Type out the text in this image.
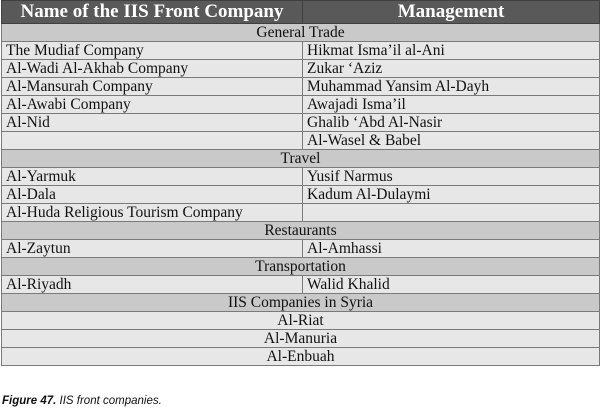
Name of the IIS Front Company	Management
General Trade	
The Mudiaf Company	Hikmat Isma’il al-Ani
Al-Wadi Al-Akhab Company	Zukar ‘Aziz
Al-Mansurah Company	Muhammad Yansim Al-Dayh
Al-Awabi Company	Awajadi Isma’il
Al-Nid	Ghalib ‘Abd Al-Nasir
	Al-Wasel & Babel
Travel	
Al-Yarmuk	Yusif Narmus
Al-Dala	Kadum Al-Dulaymi
Al-Huda Religious Tourism Company	
Restaurants	
Al-Zaytun	Al-Amhassi
Transportation	
Al-Riyadh	Walid Khalid
IIS Companies in Syria	
Al-Riat	
Al-Manuria	
Al-Enbuah	
Figure 47. IIS front companies.
